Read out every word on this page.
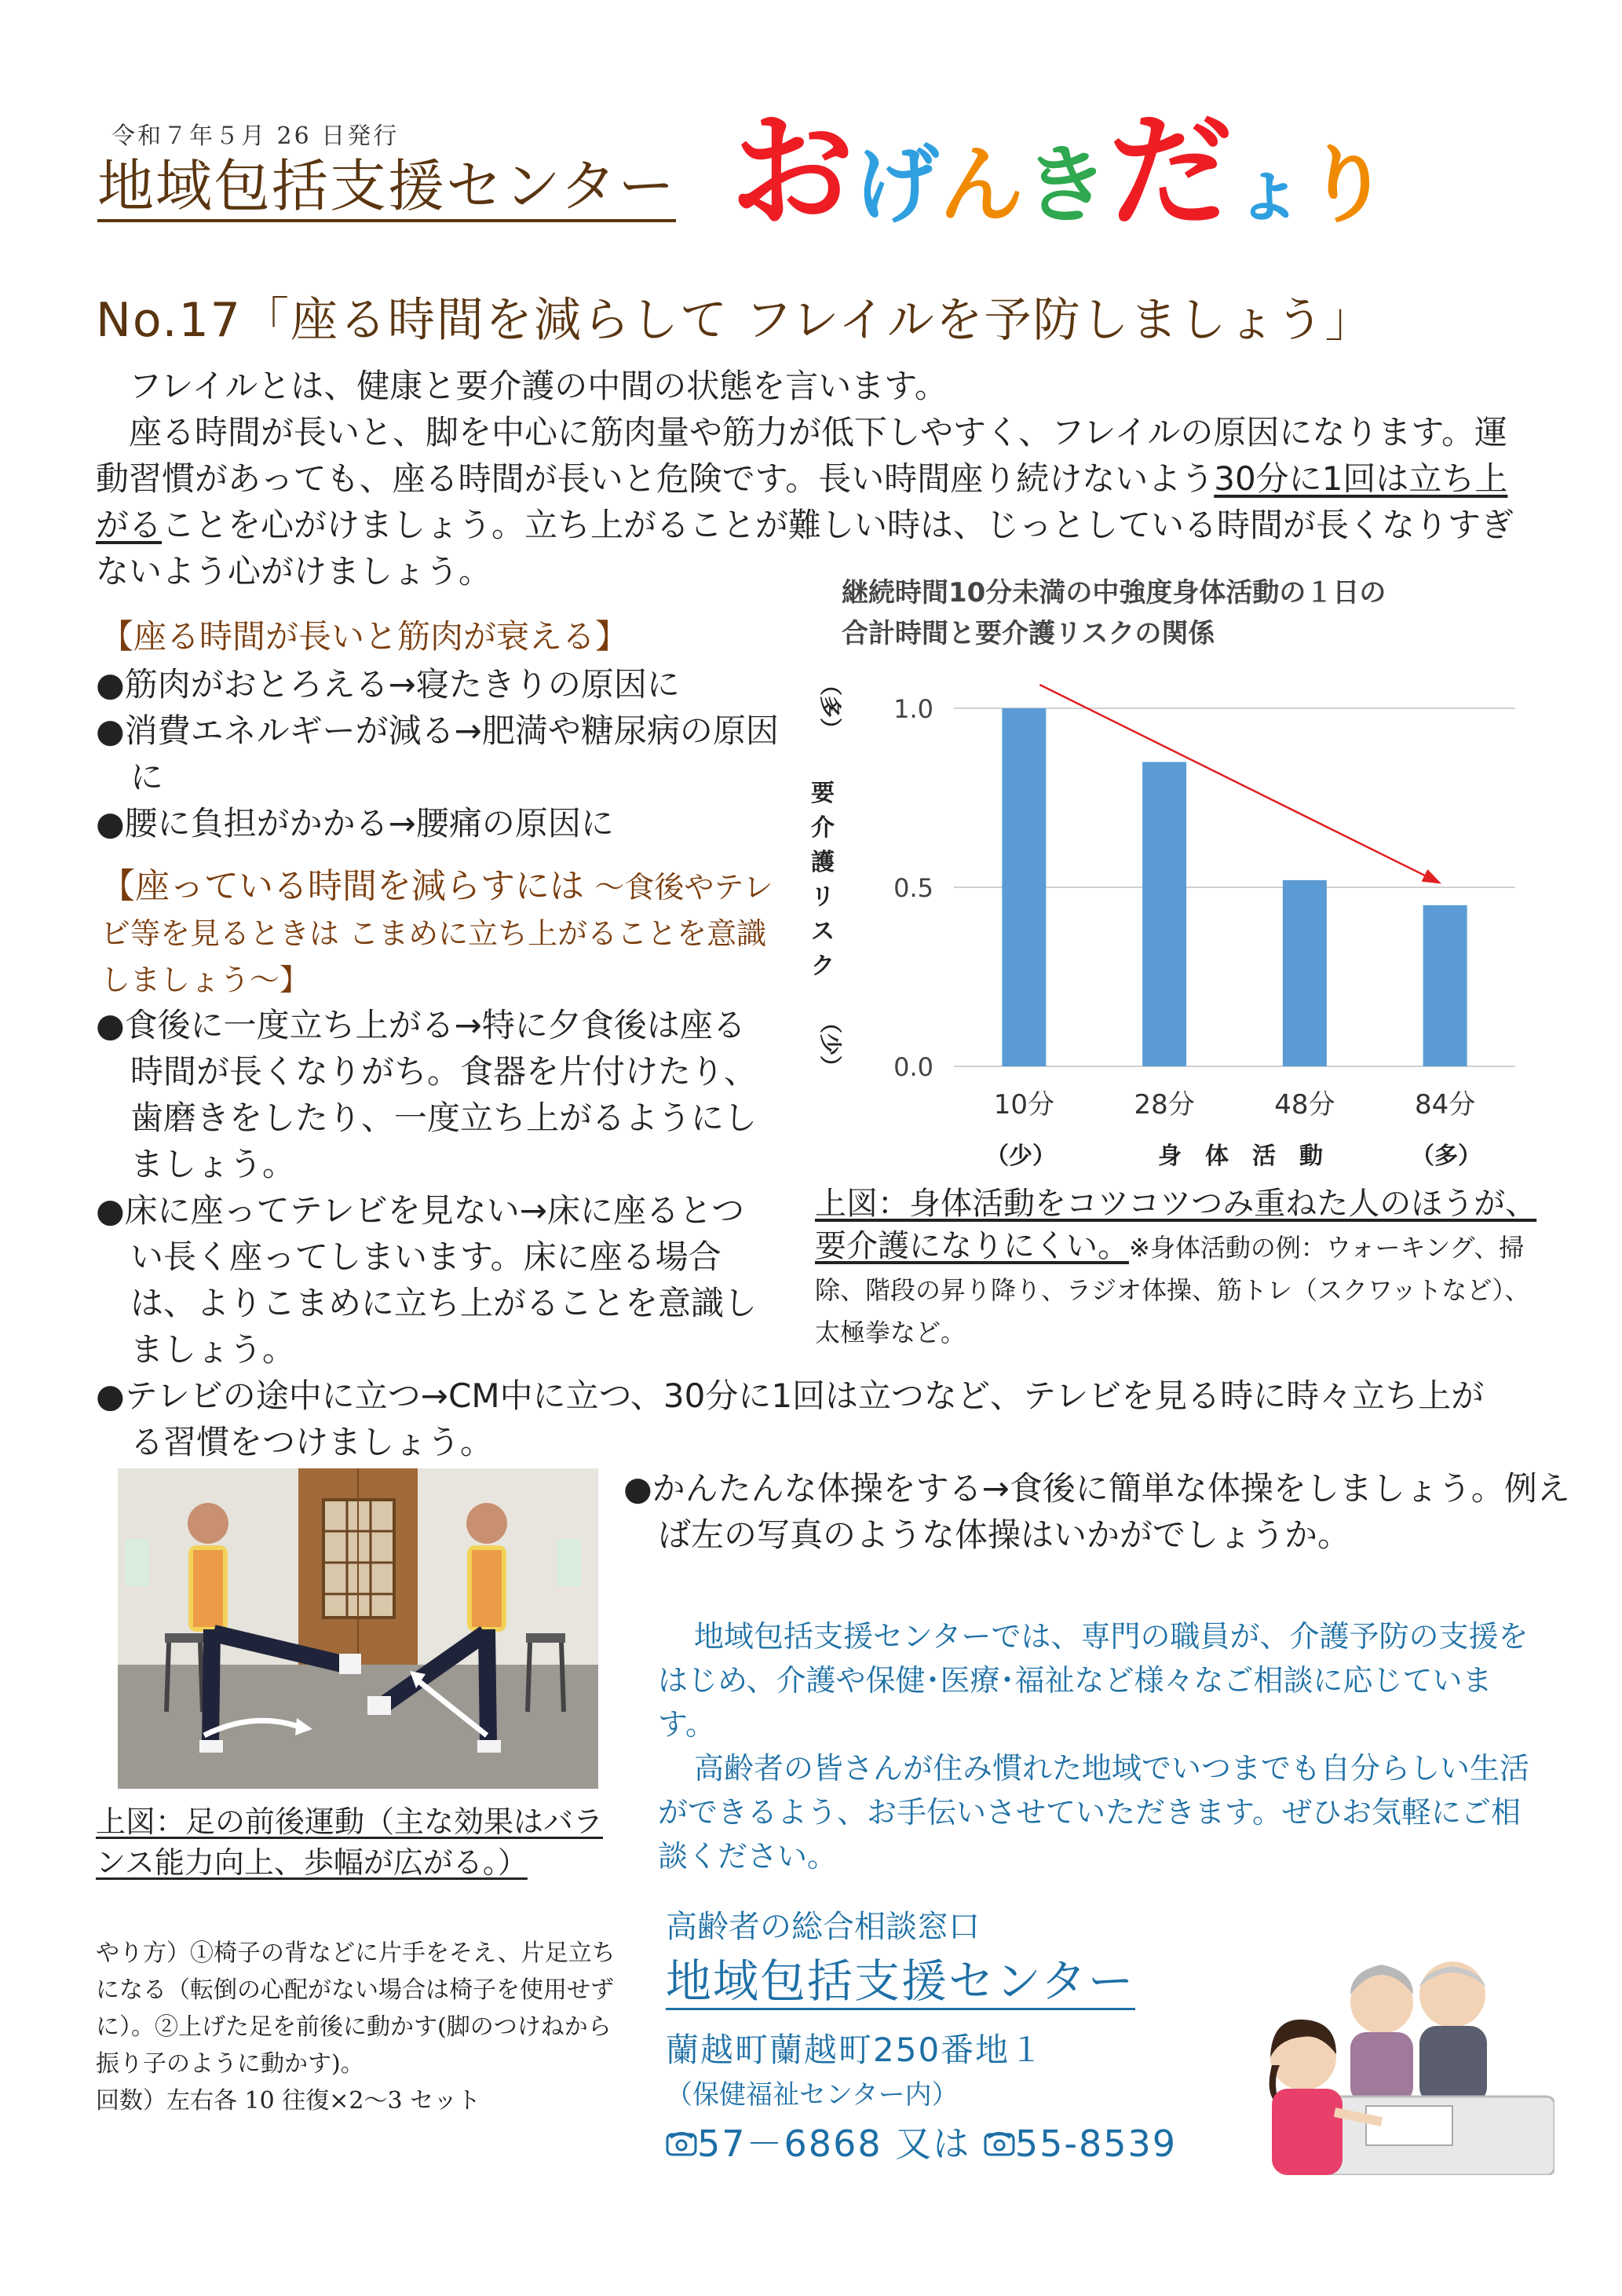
令和７年５月 26 日発行
地域包括支援センター おげんきだょり
No.17「座る時間を減らして フレイルを予防しましょう」

　フレイルとは、健康と要介護の中間の状態を言います。

　座る時間が長いと、脚を中心に筋肉量や筋力が低下しやすく、フレイルの原因になります。運動習慣があっても、座る時間が長いと危険です。長い時間座り続けないよう30分に1回は立ち上がることを心がけましょう。立ち上がることが難しい時は、じっとしている時間が長くなりすぎないよう心がけましょう。

【座る時間が長いと筋肉が衰える】
●筋肉がおとろえる→寝たきりの原因に
●消費エネルギーが減る→肥満や糖尿病の原因に
●腰に負担がかかる→腰痛の原因に
【座っている時間を減らすには ～食後やテレビ等を見るときは こまめに立ち上がることを意識しましょう～】
●食後に一度立ち上がる→特に夕食後は座る時間が長くなりがち。食器を片付けたり、歯磨きをしたり、一度立ち上がるようにしましょう。
●床に座ってテレビを見ない→床に座るとつい長く座ってしまいます。床に座る場合は、よりこまめに立ち上がることを意識しましょう。
●テレビの途中に立つ→CM中に立つ、30分に1回は立つなど、テレビを見る時に時々立ち上がる習慣をつけましょう。
●かんたんな体操をする→食後に簡単な体操をしましょう。例えば左の写真のような体操はいかがでしょうか。
継続時間10分未満の中強度身体活動の１日の
合計時間と要介護リスクの関係
0.0
0.5
1.0
10分	28分	48分	84分
（多）
要
介
護
リ
ス
ク
（少）
（少）	身　体　活　動	（多）
上図：身体活動をコツコツつみ重ねた人のほうが、要介護になりにくい。※身体活動の例：ウォーキング、掃除、階段の昇り降り、ラジオ体操、筋トレ（スクワットなど）、太極拳など。
上図：足の前後運動（主な効果はバランス能力向上、歩幅が広がる。）

やり方）①椅子の背などに片手をそえ、片足立ちになる（転倒の心配がない場合は椅子を使用せずに）。②上げた足を前後に動かす(脚のつけねから振り子のように動かす)。

回数）左右各 10 往復×2～3 セット

地域包括支援センターでは、専門の職員が、介護予防の支援をはじめ、介護や保健･医療･福祉など様々なご相談に応じています。

高齢者の皆さんが住み慣れた地域でいつまでも自分らしい生活ができるよう、お手伝いさせていただきます。ぜひお気軽にご相談ください。

高齢者の総合相談窓口
地域包括支援センター
蘭越町蘭越町250番地１
（保健福祉センター内）
57－6868 又は 55-8539
